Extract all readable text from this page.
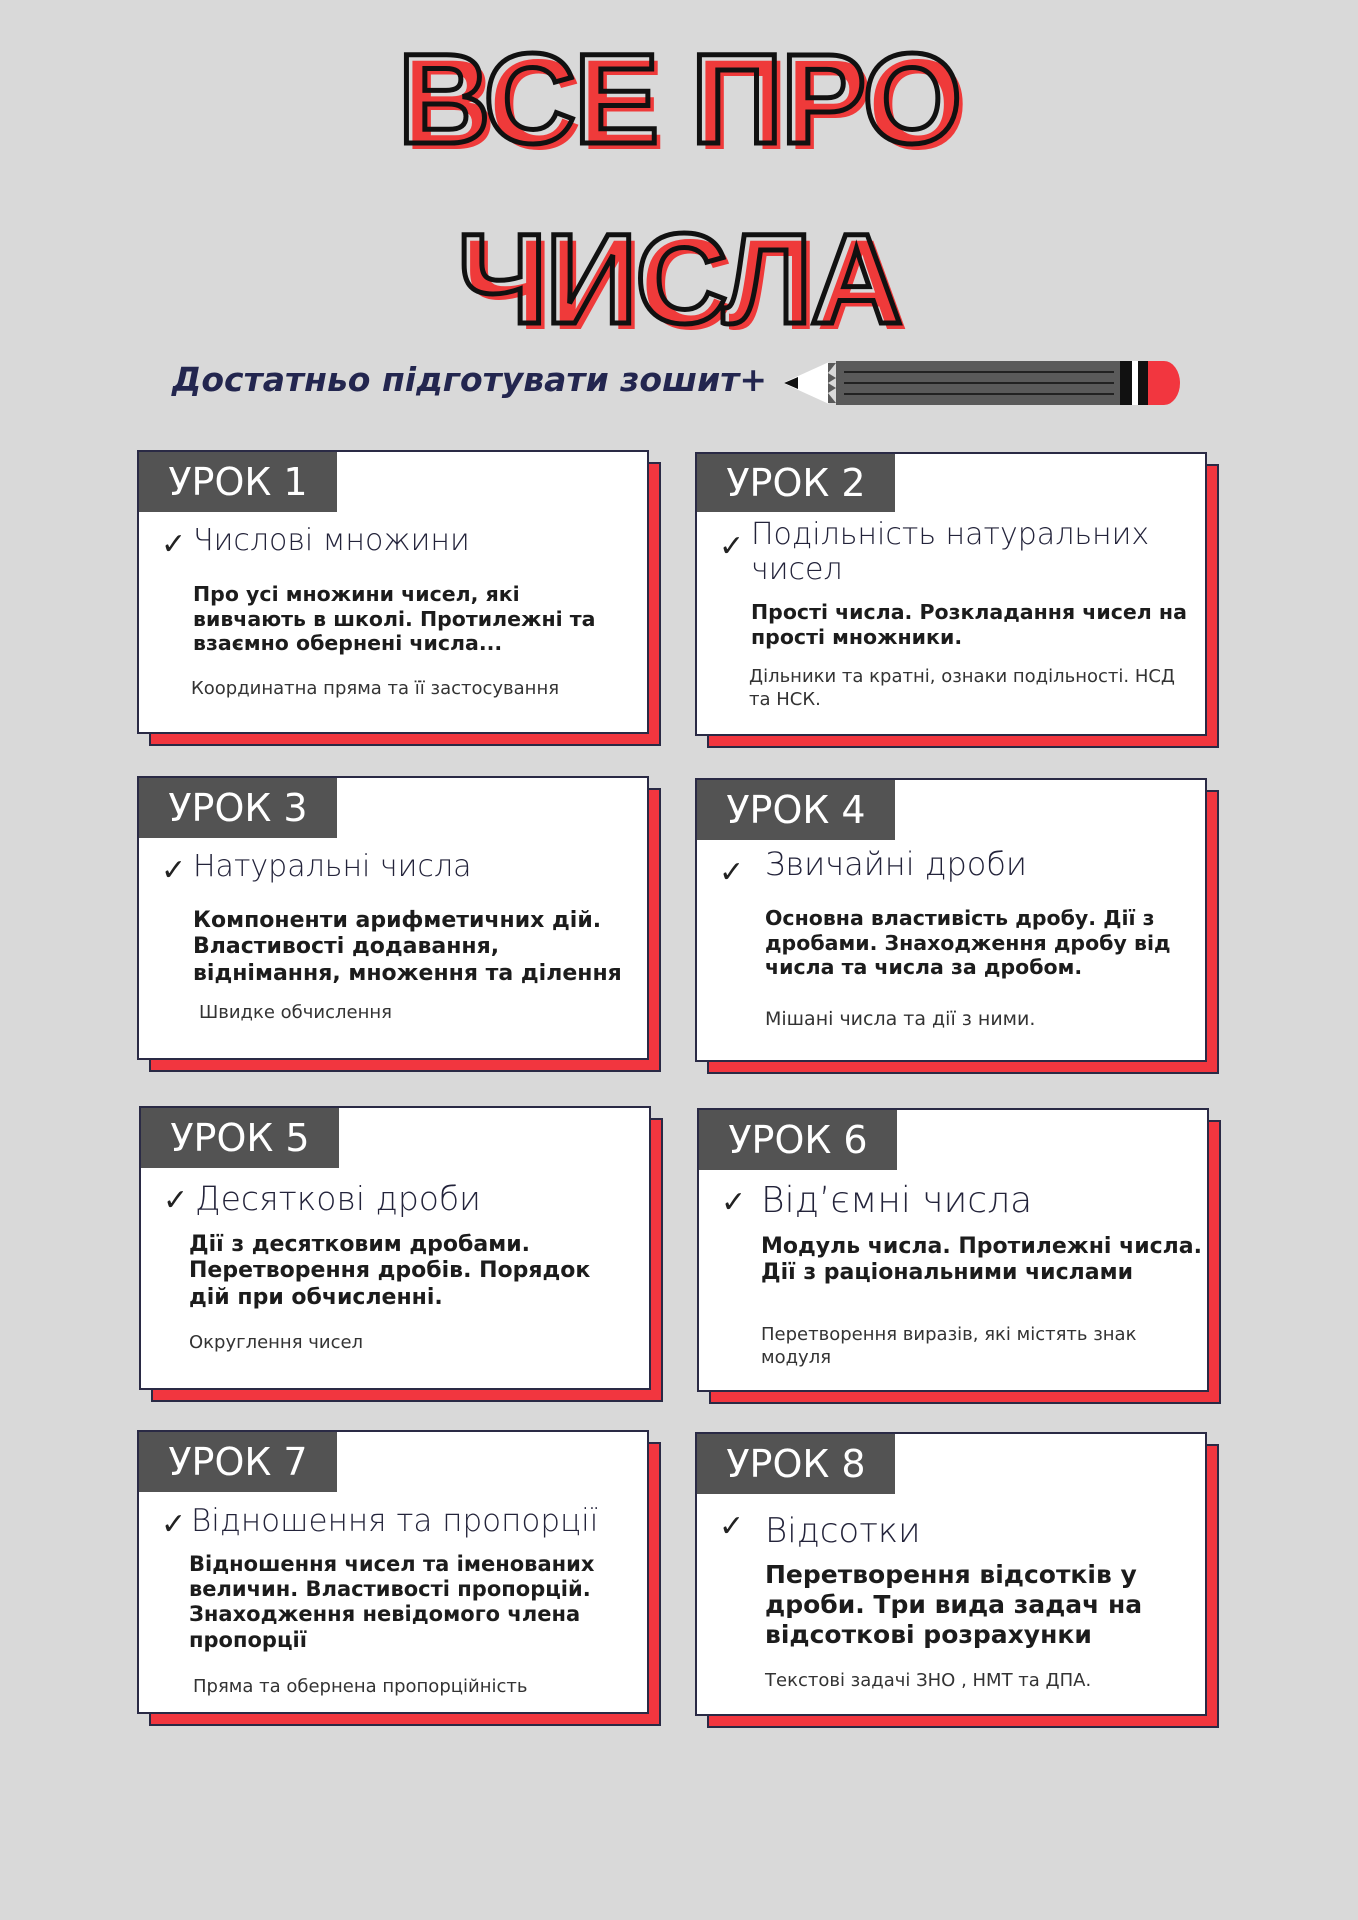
ВСЕ ПРО
ЧИСЛА
Достатньо підготувати зошит+
УРОК 1
✓ Числові множини
Про усі множини чисел, які вивчають в школі. Протилежні та взаємно обернені числа...
Координатна пряма та її застосування
УРОК 2
✓ Подільність натуральних чисел
Прості числа. Розкладання чисел на прості множники.
Дільники та кратні, ознаки подільності. НСД та НСК.
УРОК 3
✓ Натуральні числа
Компоненти арифметичних дій. Властивості додавання, віднімання, множення та ділення
Швидке обчислення
УРОК 4
✓ Звичайні дроби
Основна властивість дробу. Дії з дробами. Знаходження дробу від числа та числа за дробом.
Мішані числа та дії з ними.
УРОК 5
✓ Десяткові дроби
Дії з десятковим дробами. Перетворення дробів. Порядок дій при обчисленні.
Округлення чисел
УРОК 6
✓ Від’ємні числа
Модуль числа. Протилежні числа. Дії з раціональними числами
Перетворення виразів, які містять знак модуля
УРОК 7
✓ Відношення та пропорції
Відношення чисел та іменованих величин. Властивості пропорцій. Знаходження невідомого члена пропорції
Пряма та обернена пропорційність
УРОК 8
✓ Відсотки
Перетворення відсотків у дроби. Три вида задач на відсоткові розрахунки
Текстові задачі ЗНО , НМТ та ДПА.
